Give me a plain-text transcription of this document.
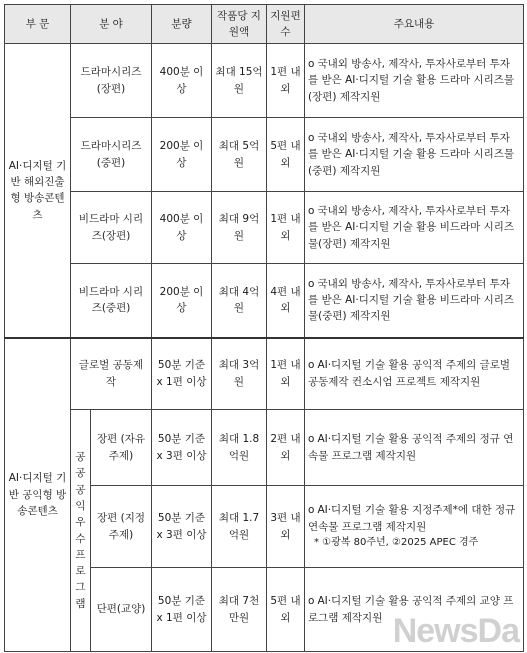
부 문	분 야		분량	작품당 지원액	지원편수	주요내용
AI·디지털 기반 해외진출형 방송콘텐츠	드라마시리즈(장편)		400분 이상	최대 15억원	1편 내외	o 국내외 방송사, 제작사, 투자사로부터 투자를 받은 AI·디지털 기술 활용 드라마 시리즈물(장편) 제작지원
	드라마시리즈(중편)		200분 이상	최대 5억원	5편 내외	o 국내외 방송사, 제작사, 투자사로부터 투자를 받은 AI·디지털 기술 활용 드라마 시리즈물(중편) 제작지원
	비드라마 시리즈(장편)		400분 이상	최대 9억원	1편 내외	o 국내외 방송사, 제작사, 투자사로부터 투자를 받은 AI·디지털 기술 활용 비드라마 시리즈물(장편) 제작지원
	비드라마 시리즈(중편)		200분 이상	최대 4억원	4편 내외	o 국내외 방송사, 제작사, 투자사로부터 투자를 받은 AI·디지털 기술 활용 비드라마 시리즈물(중편) 제작지원
AI·디지털 기반 공익형 방송콘텐츠	글로벌 공동제작		50분 기준 x 1편 이상	최대 3억원	1편 내외	o AI·디지털 기술 활용 공익적 주제의 글로벌 공동제작 컨소시엄 프로젝트 제작지원
	공공 공익 우수 프로 그램	장편 (자유주제)	50분 기준 x 3편 이상	최대 1.8억원	2편 내외	o AI·디지털 기술 활용 공익적 주제의 정규 연속물 프로그램 제작지원
		장편 (지정주제)	50분 기준 x 3편 이상	최대 1.7억원	3편 내외	o AI·디지털 기술 활용 지정주제*에 대한 정규 연속물 프로그램 제작지원
* ①광복 80주년, ②2025 APEC 경주

		단편(교양)	50분 기준 x 1편 이상	최대 7천만원	5편 내외	o AI·디지털 기술 활용 공익적 주제의 교양 프로그램 제작지원 NewsDa
